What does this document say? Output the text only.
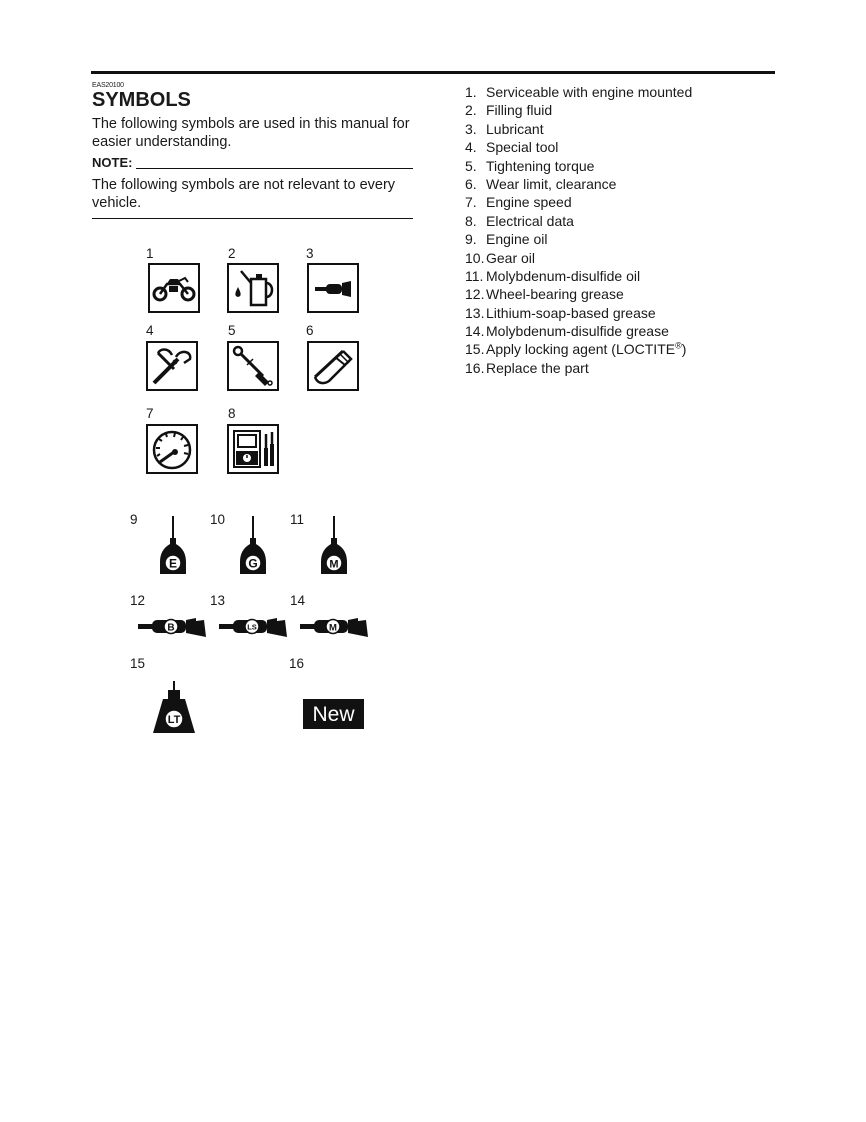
EAS20100
SYMBOLS

The following symbols are used in this manual for easier understanding.

NOTE:

The following symbols are not relevant to every vehicle.

1	2	3
4	5	6
7	8
9	10	11
E	G	M
12	13	14
B	LS	M
15	16
LT	New
1. Serviceable with engine mounted
2. Filling fluid
3. Lubricant
4. Special tool
5. Tightening torque
6. Wear limit, clearance
7. Engine speed
8. Electrical data
9. Engine oil
10. Gear oil
11. Molybdenum-disulfide oil
12. Wheel-bearing grease
13. Lithium-soap-based grease
14. Molybdenum-disulfide grease
15. Apply locking agent (LOCTITE®)
16. Replace the part
